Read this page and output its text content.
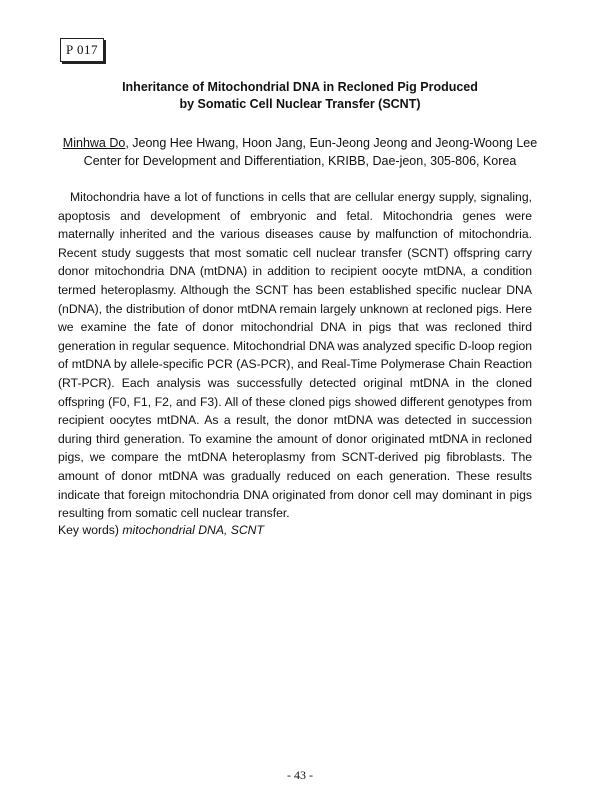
P 017
Inheritance of Mitochondrial DNA in Recloned Pig Produced
by Somatic Cell Nuclear Transfer (SCNT)
Minhwa Do, Jeong Hee Hwang, Hoon Jang, Eun-Jeong Jeong and Jeong-Woong Lee
Center for Development and Differentiation, KRIBB, Dae-jeon, 305-806, Korea
Mitochondria have a lot of functions in cells that are cellular energy supply, signaling, apoptosis and development of embryonic and fetal. Mitochondria genes were maternally inherited and the various diseases cause by malfunction of mitochondria. Recent study suggests that most somatic cell nuclear transfer (SCNT) offspring carry donor mitochondria DNA (mtDNA) in addition to recipient oocyte mtDNA, a condition termed heteroplasmy. Although the SCNT has been established specific nuclear DNA (nDNA), the distribution of donor mtDNA remain largely unknown at recloned pigs. Here we examine the fate of donor mitochondrial DNA in pigs that was recloned third generation in regular sequence. Mitochondrial DNA was analyzed specific D-loop region of mtDNA by allele-specific PCR (AS-PCR), and Real-Time Polymerase Chain Reaction (RT-PCR). Each analysis was successfully detected original mtDNA in the cloned offspring (F0, F1, F2, and F3). All of these cloned pigs showed different genotypes from recipient oocytes mtDNA. As a result, the donor mtDNA was detected in succession during third generation. To examine the amount of donor originated mtDNA in recloned pigs, we compare the mtDNA heteroplasmy from SCNT-derived pig fibroblasts. The amount of donor mtDNA was gradually reduced on each generation. These results indicate that foreign mitochondria DNA originated from donor cell may dominant in pigs resulting from somatic cell nuclear transfer.
Key words) mitochondrial DNA, SCNT
- 43 -
